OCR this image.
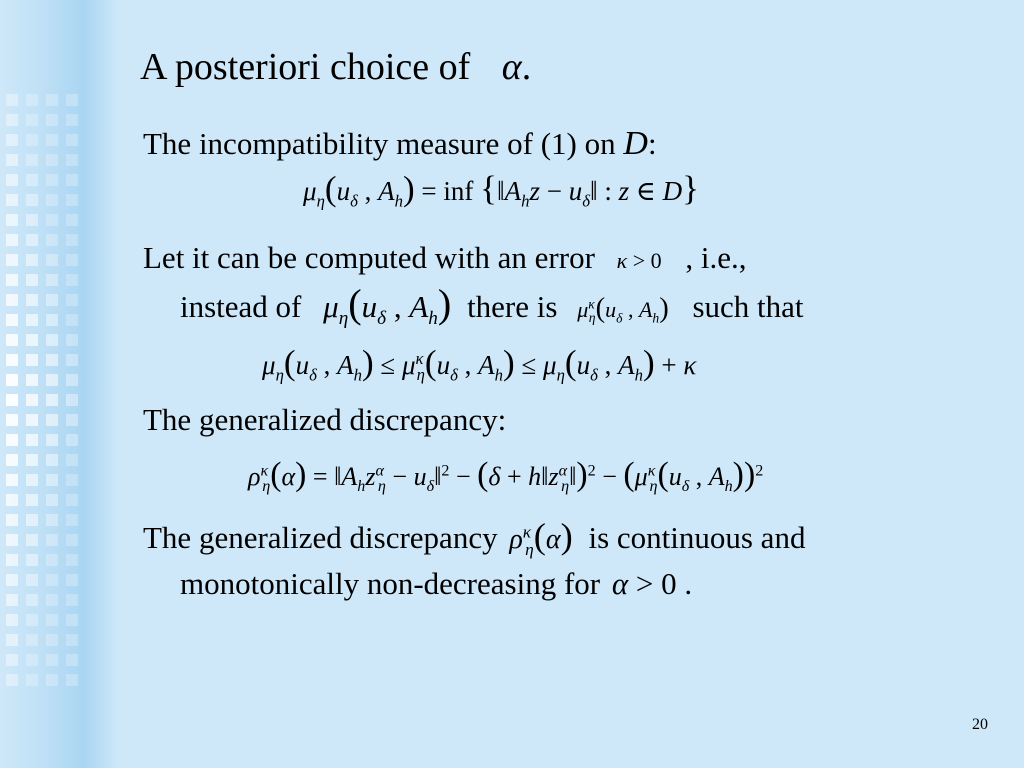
A posteriori choice of α.
The incompatibility measure of (1) on D:
$\mu_\eta(u_\delta$ , $A_h$) = inf {$‖A_hz$ − $u_\delta‖$ : z ∈ D}
Let it can be computed with an error κ > 0 , i.e.,
instead of $\mu_\eta(u_\delta$ , $A_h$) there is $\mu^\kappa_\eta(u_\delta$ , $A_h$) such that
$\mu_\eta(u_\delta$ , $A_h) \le \mu^\kappa_\eta(u_\delta$ , $A_h) \le \mu_\eta(u_\delta$ , $A_h) + \kappa$
The generalized discrepancy:
$\rho^\kappa_\eta(\alpha)$ = $‖A_hz^\alpha_\eta$ − $u_\delta‖^2 - (\delta$ + $h‖z^\alpha_\eta‖)^2 - (\mu^\kappa_\eta(u_\delta$ , $A_h))^2$
The generalized discrepancy $\rho^\kappa_\eta(\alpha)$ is continuous and
monotonically non-decreasing for α > 0 .
20
